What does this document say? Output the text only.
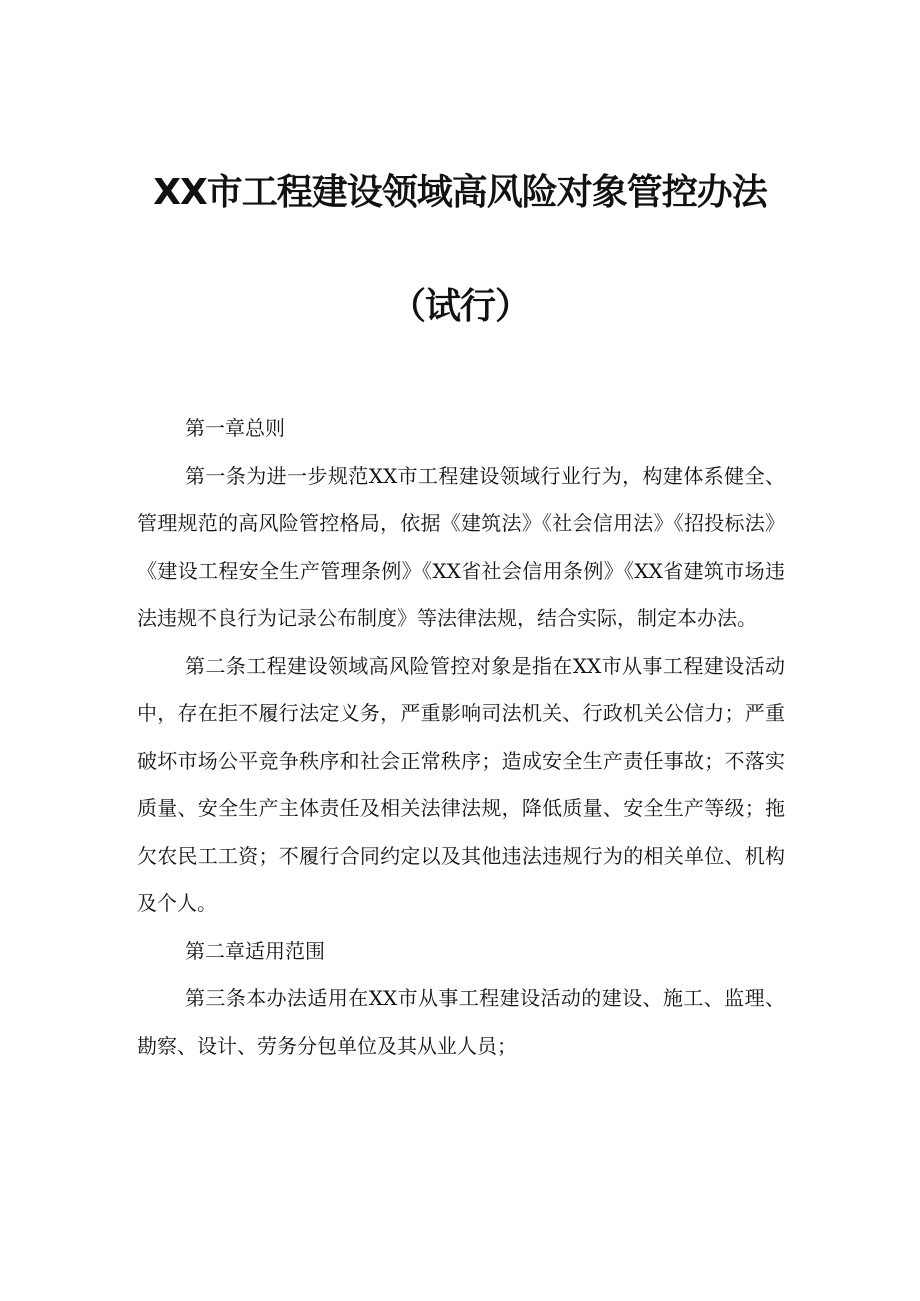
XX市工程建设领域高风险对象管控办法
（试行）

第一章总则

第一条为进一步规范XX市工程建设领域行业行为，构建体系健全、管理规范的高风险管控格局，依据《建筑法》《社会信用法》《招投标法》《建设工程安全生产管理条例》《XX省社会信用条例》《XX省建筑市场违法违规不良行为记录公布制度》等法律法规，结合实际，制定本办法。

第二条工程建设领域高风险管控对象是指在XX市从事工程建设活动中，存在拒不履行法定义务，严重影响司法机关、行政机关公信力；严重破坏市场公平竞争秩序和社会正常秩序；造成安全生产责任事故；不落实质量、安全生产主体责任及相关法律法规，降低质量、安全生产等级；拖欠农民工工资；不履行合同约定以及其他违法违规行为的相关单位、机构及个人。

第二章适用范围

第三条本办法适用在XX市从事工程建设活动的建设、施工、监理、勘察、设计、劳务分包单位及其从业人员；
